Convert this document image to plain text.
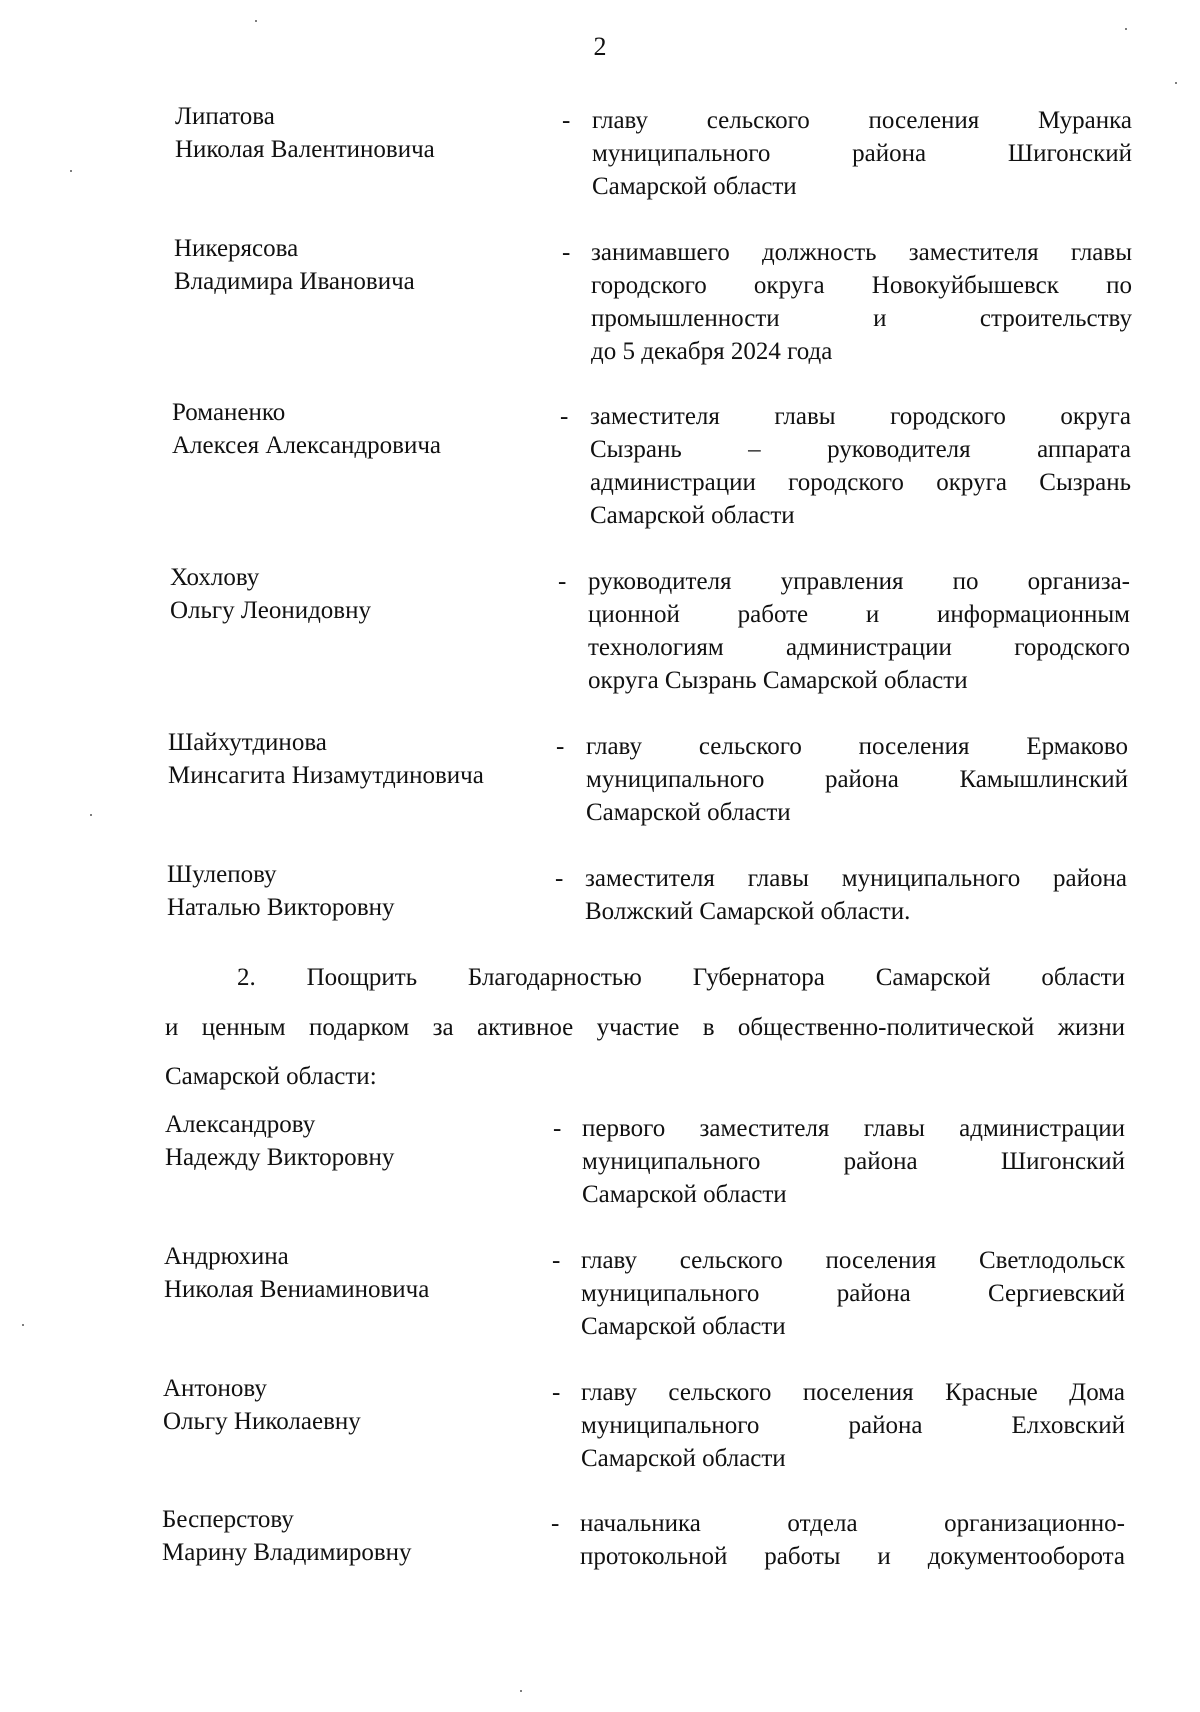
2
Липатова
Николая Валентиновича
- главу сельского поселения Муранка
муниципального района Шигонский
Самарской области
Никерясова
Владимира Ивановича
- занимавшего должность заместителя главы
городского округа Новокуйбышевск по
промышленности и строительству
до 5 декабря 2024 года
Романенко
Алексея Александровича
- заместителя главы городского округа
Сызрань – руководителя аппарата
администрации городского округа Сызрань
Самарской области
Хохлову
Ольгу Леонидовну
- руководителя управления по организа-
ционной работе и информационным
технологиям администрации городского
округа Сызрань Самарской области
Шайхутдинова
Минсагита Низамутдиновича
- главу сельского поселения Ермаково
муниципального района Камышлинский
Самарской области
Шулепову
Наталью Викторовну
- заместителя главы муниципального района
Волжский Самарской области.
2. Поощрить Благодарностью Губернатора Самарской области
и ценным подарком за активное участие в общественно-политической жизни
Самарской области:
Александрову
Надежду Викторовну
- первого заместителя главы администрации
муниципального района Шигонский
Самарской области
Андрюхина
Николая Вениаминовича
- главу сельского поселения Светлодольск
муниципального района Сергиевский
Самарской области
Антонову
Ольгу Николаевну
- главу сельского поселения Красные Дома
муниципального района Елховский
Самарской области
Бесперстову
Марину Владимировну
- начальника отдела организационно-
протокольной работы и документооборота
